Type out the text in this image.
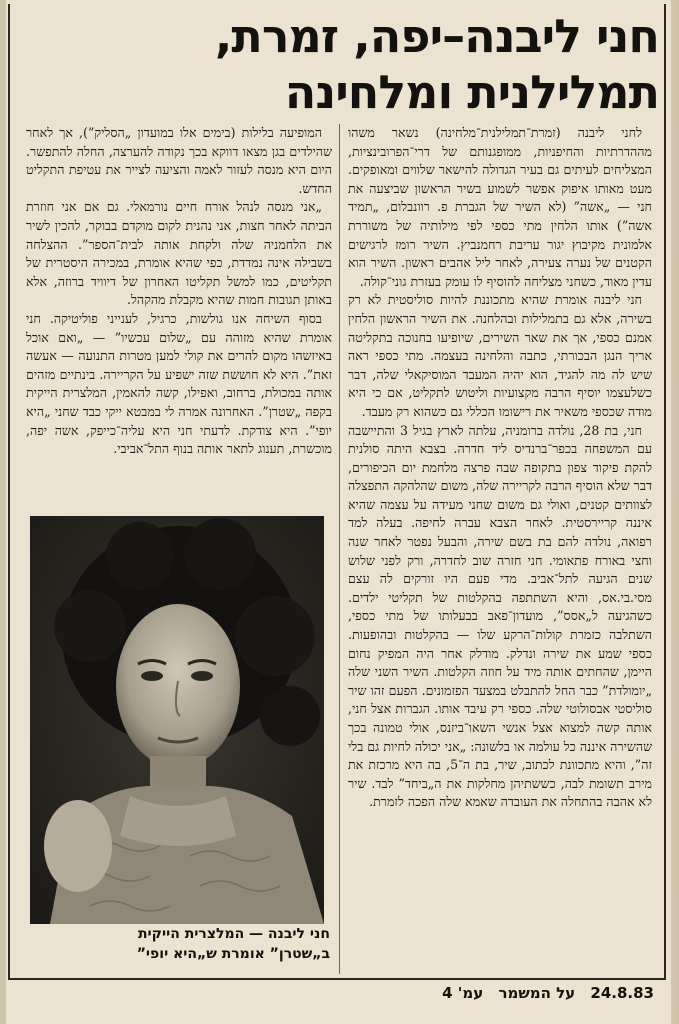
חני ליבנה–יפה, זמרת,
תמלילנית ומלחינה

לחני ליבנה (זמרת־תמלילנית־מלחינה) נשאר משהו מההדרתיות והחיפניות, ממופגנותם של דרי־הפרובינציות, המצליחים לעיתים גם בעיר הגדולה להישאר שלווים ומאופקים. מעט מאותו איפוק אפשר לשמוע בשיר הראשון שביצעה את חני — „אשה” (לא השיר של הגברת פ. רוונבלום, „תמיד אשה”) אותו הלחין מתי כספי לפי מילותיה של משוררת אלמונית מקיבוץ יגור עריבת רחמנביץ. השיר רומז לרגישים הקטנים של נערה צעירה, לאחר ליל אהבים ראשון. השיר הוא עדין מאוד, כשחני מצליחה להוסיף לו עומק בעזרת גוני־קולה.

חני ליבנה אומרת שהיא מתכוננת להיות סוליסטית לא רק בשירה, אלא גם בתמלילות ובהלחנה. את השיר הראשון הלחין אמנם כספי, אך את שאר השירים, שיופיעו בחנוכה בתקליטה אריך הנגן הבכורתי, כתבה והלחינה בעצמה. מתי כספי ראה שיש לה מה להגיד, הוא יהיה המעבד המוסיקאלי שלה, דבר כשלעצמו יוסיף הרבה מקצועיות וליטוש לתקליט, אם כי היא מודה שכספי משאיר את רישומו הכללי גם כשהוא רק מעבד.

חני, בת 28, נולדה ברומניה, עלתה לארץ בגיל 3 והתיישבה עם המשפחה בכפר־ברנדיס ליד חדרה. בצבא היתה סולנית להקת פיקוד צפון בתקופה שבה פרצה מלחמת יום הכיפורים, דבר שלא הוסיף הרבה לקריירה שלה, משום שהלהקה התפצלה לצוותים קטנים, ואולי גם משום שחני מעידה על עצמה שהיא איננה קריירסטית. לאחר הצבא עברה לחיפה. בעלה למד רפואה, נולדה להם בת בשם שירה, והבעל נפטר לאחר שנה וחצי באורח פתאומי. חני חזרה שוב לחדרה, ורק לפני שלוש שנים הגיעה לתל־אביב. מדי פעם היו זורקים לה עצם מסי.בי.אס, והיא השתתפה בהקלטות של תקליטי ילדים. כשהגיעה ל„אסס”, מועדון־פאב בבעלותו של מתי כספי, השתלבה כזמרת קולות־הרקע שלו — בהקלטות ובהופעות. כספי שמע את שירה ונדלק. מודלק אחר היה המפיק נחום היימן, שהחתים אותה מיד על חוזה הקלטות. השיר השני שלה „יומולדת” כבר החל להתבלט במצעד הפזמונים. הפעם זהו שיר סוליסטי אבסולוטי שלה. כספי רק עיבד אותו. הגברות אצל חני, אותה קשה למצוא אצל אנשי השאו־ביזנס, אולי טמונה בכך שהשירה איננה כל עולמה או בלשונה: „אני יכולה לחיות גם בלי זה”, והיא מתכוונת לכתוב, שיר, בת ה־5, בה היא מרכזת את מירב תשומת לבה, כששתיהן מחלקות את ה„ביחד” לבד. שיר לא אהבה בהתחלה את העובדה שאמא שלה הפכה לזמרת.

המופיעה בלילות (בימים אלו במועדון „הסליק”), אך לאחר שהילדים בגן מצאו דווקא בכך נקודה להערצה, החלה להתפשר. היום היא מנסה לעזור לאמה והציעה לצייר את עטיפת התקליט החדש.

„אני מנסה לנהל אורח חיים נורמאלי. גם אם אני חוזרת הביתה לאחר חצות, אני נהנית לקום מוקדם בבוקר, להכין לשיר את הלחמניה שלה ולקחת אותה לבית־הספר”. ההצלחה בשבילה אינה נמדדת, כפי שהיא אומרת, במכירה היסטרית של תקליטים, כמו למשל תקליטו האחרון של דיוויד ברוזה, אלא באותן תגובות חמות שהיא מקבלת מהקהל.

בסוף השיחה אנו גולשות, כרגיל, לענייני פוליטיקה. חני אומרת שהיא מזוהה עם „שלום עכשיו” — „ואם אוכל באיזשהו מקום להרים את קולי למען מטרות התנועה — אעשה זאת”. היא לא חוששת שזה ישפיע על הקריירה. בינתיים מזהים אותה במכולת, ברחוב, ואפילו, קשה להאמין, המלצרית הייקית בקפה „שטרן”. האחרונה אמרה לי במבטא ייקי כבד שחני „היא יופי”. היא צודקת. לדעתי חני היא עליה־כייפק, אשה יפה, מוכשרת, תענוג לתאר אותה בנוף התל־אביבי.

חני ליבנה — המלצרית הייקית
ב„שטרן” אומרת ש„היא יופי”
24.8.83 על המשמר עמ' 4
